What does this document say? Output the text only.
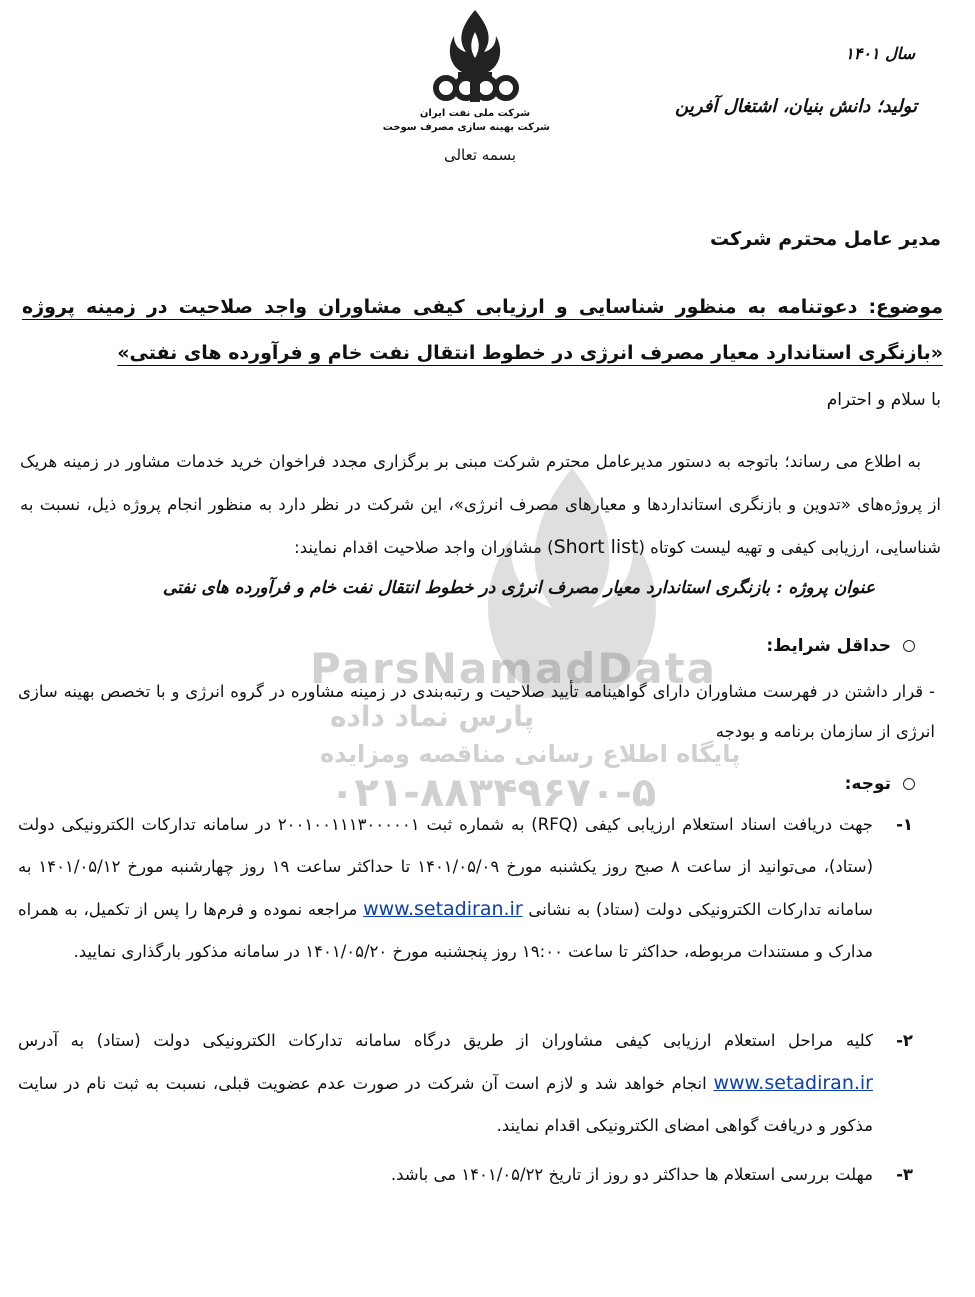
شرکت ملی نفت ایران
شرکت بهینه سازی مصرف سوخت
بسمه تعالی
سال ۱۴۰۱
تولید؛ دانش بنیان، اشتغال آفرین
ParsNamadData
پارس نماد داده
پایگاه اطلاع رسانی مناقصه ومزایده
۰۲۱-۸۸۳۴۹۶۷۰-۵
مدیر عامل محترم شرکت
موضوع: دعوتنامه به منظور شناسایی و ارزیابی کیفی مشاوران واجد صلاحیت در زمینه پروژه «بازنگری استاندارد معیار مصرف انرژی در خطوط انتقال نفت خام و فرآورده های نفتی»
با سلام و احترام
به اطلاع می رساند؛ باتوجه به دستور مدیرعامل محترم شرکت مبنی بر برگزاری مجدد فراخوان خرید خدمات مشاور در زمینه هریک از پروژه‌های «تدوین و بازنگری استانداردها و معیارهای مصرف انرژی»، این شرکت در نظر دارد به منظور انجام پروژه ذیل، نسبت به شناسایی، ارزیابی کیفی و تهیه لیست کوتاه (Short list) مشاوران واجد صلاحیت اقدام نمایند:
عنوان پروژه : بازنگری استاندارد معیار مصرف انرژی در خطوط انتقال نفت خام و فرآورده های نفتی
حداقل شرایط:
- قرار داشتن در فهرست مشاوران دارای گواهینامه تأیید صلاحیت و رتبه‌بندی در زمینه مشاوره در گروه انرژی و با تخصص بهینه سازی انرژی از سازمان برنامه و بودجه
توجه:
۱-
جهت دریافت اسناد استعلام ارزیابی کیفی (RFQ) به شماره ثبت ۲۰۰۱۰۰۱۱۱۳۰۰۰۰۰۱ در سامانه تدارکات الکترونیکی دولت (ستاد)، می‌توانید از ساعت ۸ صبح روز یکشنبه مورخ ۱۴۰۱/۰۵/۰۹ تا حداکثر ساعت ۱۹ روز چهارشنبه مورخ ۱۴۰۱/۰۵/۱۲ به سامانه تدارکات الکترونیکی دولت (ستاد) به نشانی www.setadiran.ir مراجعه نموده و فرم‌ها را پس از تکمیل، به همراه مدارک و مستندات مربوطه، حداکثر تا ساعت ۱۹:۰۰ روز پنجشنبه مورخ ۱۴۰۱/۰۵/۲۰ در سامانه مذکور بارگذاری نمایید.
۲-
کلیه مراحل استعلام ارزیابی کیفی مشاوران از طریق درگاه سامانه تدارکات الکترونیکی دولت (ستاد) به آدرس www.setadiran.ir انجام خواهد شد و لازم است آن شرکت در صورت عدم عضویت قبلی، نسبت به ثبت نام در سایت مذکور و دریافت گواهی امضای الکترونیکی اقدام نمایند.
۳-
مهلت بررسی استعلام ها حداکثر دو روز از تاریخ ۱۴۰۱/۰۵/۲۲ می باشد.
